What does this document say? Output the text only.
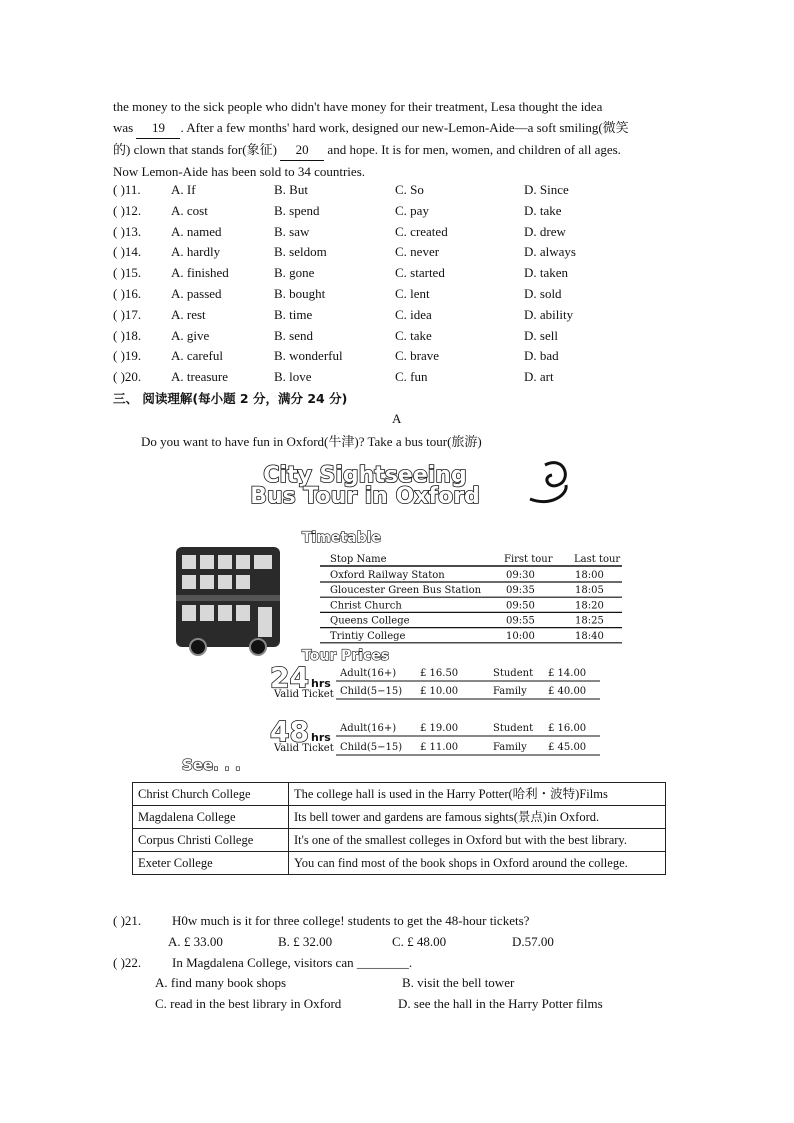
the money to the sick people who didn't have money for their treatment, Lesa thought the idea

was 19 . After a few months' hard work, designed our new-Lemon-Aide—a soft smiling(微笑

的) clown that stands for(象征) 20 and hope. It is for men, women, and children of all ages.

Now Lemon-Aide has been sold to 34 countries.

( )11. A. If	B. But	C. So	D. Since
( )12. A. cost	B. spend	C. pay	D. take
( )13. A. named	B. saw	C. created	D. drew
( )14. A. hardly	B. seldom	C. never	D. always
( )15. A. finished	B. gone	C. started	D. taken
( )16. A. passed	B. bought	C. lent	D. sold
( )17. A. rest	B. time	C. idea	D. ability
( )18. A. give	B. send	C. take	D. sell
( )19. A. careful	B. wonderful	C. brave	D. bad
( )20. A. treasure	B. love	C. fun	D. art
三、 阅读理解(每小题 2 分，满分 24 分)
A
Do you want to have fun in Oxford(牛津)? Take a bus tour(旅游)
City Sightseeing
Bus Tour in Oxford
Timetable
Stop Name	First tour Last tour
Oxford Railway Staton	09:30	18:00
Gloucester Green Bus Station 09:35	18:05
Christ Church	09:50	18:20
Queens College	09:55	18:25
Trintiy College	10:00	18:40
Tour Prices
24 hrs
Valid Ticket
Adult(16+) £ 16.50	Student £ 14.00
Child(5−15) £ 10.00	Family £ 40.00
48 hrs
Valid Ticket
Adult(16+) £ 19.00	Student £ 16.00
Child(5−15) £ 11.00	Family £ 45.00
See. . .
Christ Church College	The college hall is used in the Harry Potter(哈利・波特)Films
Magdalena College	Its bell tower and gardens are famous sights(景点)in Oxford.
Corpus Christi College	It's one of the smallest colleges in Oxford but with the best library.
Exeter College	You can find most of the book shops in Oxford around the college.
( )21. H0w much is it for three college! students to get the 48-hour tickets?
A. £ 33.00	B. £ 32.00	C. £ 48.00	D.57.00
( )22. In Magdalena College, visitors can ________.
A. find many book shops	B. visit the bell tower
C. read in the best library in Oxford	D. see the hall in the Harry Potter films
